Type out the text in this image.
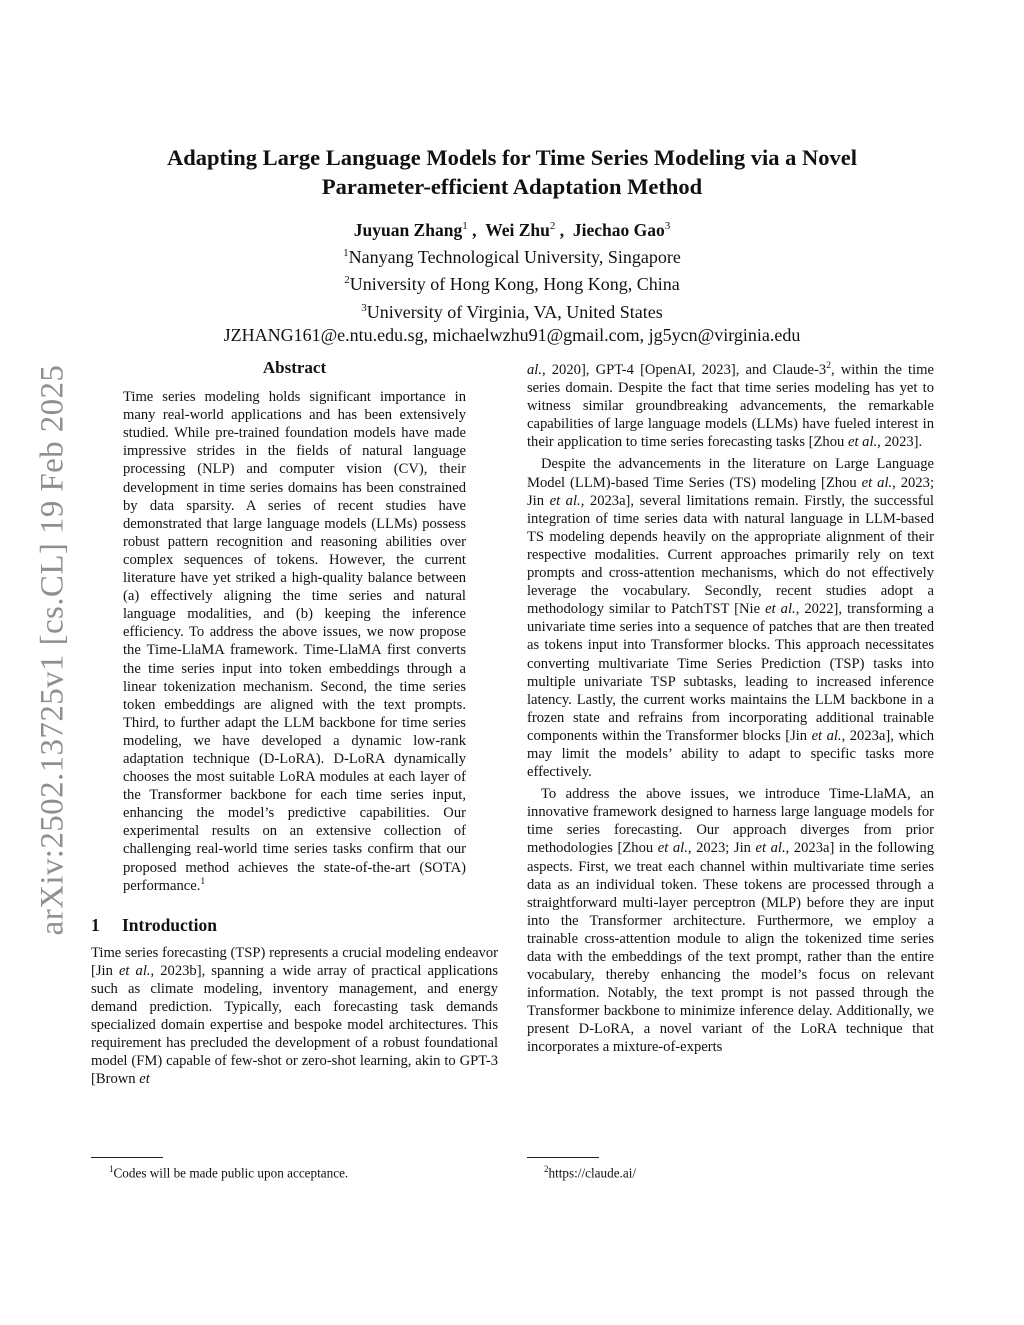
Adapting Large Language Models for Time Series Modeling via a Novel
Parameter-efficient Adaptation Method
Juyuan Zhang$^1$ ,  Wei Zhu$^2$ ,  Jiechao Gao$^3$
$^1$Nanyang Technological University, Singapore
$^2$University of Hong Kong, Hong Kong, China
$^3$University of Virginia, VA, United States
JZHANG161@e.ntu.edu.sg, michaelwzhu91@gmail.com, jg5ycn@virginia.edu
arXiv:2502.13725v1 [cs.CL] 19 Feb 2025	Abstract

Time series modeling holds significant importance in many real-world applications and has been extensively studied. While pre-trained foundation models have made impressive strides in the fields of natural language processing (NLP) and computer vision (CV), their development in time series domains has been constrained by data sparsity. A series of recent studies have demonstrated that large language models (LLMs) possess robust pattern recognition and reasoning abilities over complex sequences of tokens. However, the current literature have yet striked a high-quality balance between (a) effectively aligning the time series and natural language modalities, and (b) keeping the inference efficiency. To address the above issues, we now propose the Time-LlaMA framework. Time-LlaMA first converts the time series input into token embeddings through a linear tokenization mechanism. Second, the time series token embeddings are aligned with the text prompts. Third, to further adapt the LLM backbone for time series modeling, we have developed a dynamic low-rank adaptation technique (D-LoRA). D-LoRA dynamically chooses the most suitable LoRA modules at each layer of the Transformer backbone for each time series input, enhancing the model’s predictive capabilities. Our experimental results on an extensive collection of challenging real-world time series tasks confirm that our proposed method achieves the state-of-the-art (SOTA) performance.$^1$

1 Introduction

Time series forecasting (TSP) represents a crucial modeling endeavor [Jin et al., 2023b], spanning a wide array of practical applications such as climate modeling, inventory management, and energy demand prediction. Typically, each forecasting task demands specialized domain expertise and bespoke model architectures. This requirement has precluded the development of a robust foundational model (FM) capable of few-shot or zero-shot learning, akin to GPT-3 [Brown et

al., 2020], GPT-4 [OpenAI, 2023], and Claude-3$^2$, within the time series domain. Despite the fact that time series modeling has yet to witness similar groundbreaking advancements, the remarkable capabilities of large language models (LLMs) have fueled interest in their application to time series forecasting tasks [Zhou et al., 2023].

Despite the advancements in the literature on Large Language Model (LLM)-based Time Series (TS) modeling [Zhou et al., 2023; Jin et al., 2023a], several limitations remain. Firstly, the successful integration of time series data with natural language in LLM-based TS modeling depends heavily on the appropriate alignment of their respective modalities. Current approaches primarily rely on text prompts and cross-attention mechanisms, which do not effectively leverage the vocabulary. Secondly, recent studies adopt a methodology similar to PatchTST [Nie et al., 2022], transforming a univariate time series into a sequence of patches that are then treated as tokens input into Transformer blocks. This approach necessitates converting multivariate Time Series Prediction (TSP) tasks into multiple univariate TSP subtasks, leading to increased inference latency. Lastly, the current works maintains the LLM backbone in a frozen state and refrains from incorporating additional trainable components within the Transformer blocks [Jin et al., 2023a], which may limit the models’ ability to adapt to specific tasks more effectively.

To address the above issues, we introduce Time-LlaMA, an innovative framework designed to harness large language models for time series forecasting. Our approach diverges from prior methodologies [Zhou et al., 2023; Jin et al., 2023a] in the following aspects. First, we treat each channel within multivariate time series data as an individual token. These tokens are processed through a straightforward multi-layer perceptron (MLP) before they are input into the Transformer architecture. Furthermore, we employ a trainable cross-attention module to align the tokenized time series data with the embeddings of the text prompt, rather than the entire vocabulary, thereby enhancing the model’s focus on relevant information. Notably, the text prompt is not passed through the Transformer backbone to minimize inference delay. Additionally, we present D-LoRA, a novel variant of the LoRA technique that incorporates a mixture-of-experts

$^1$Codes will be made public upon acceptance.	$^2$https://claude.ai/
